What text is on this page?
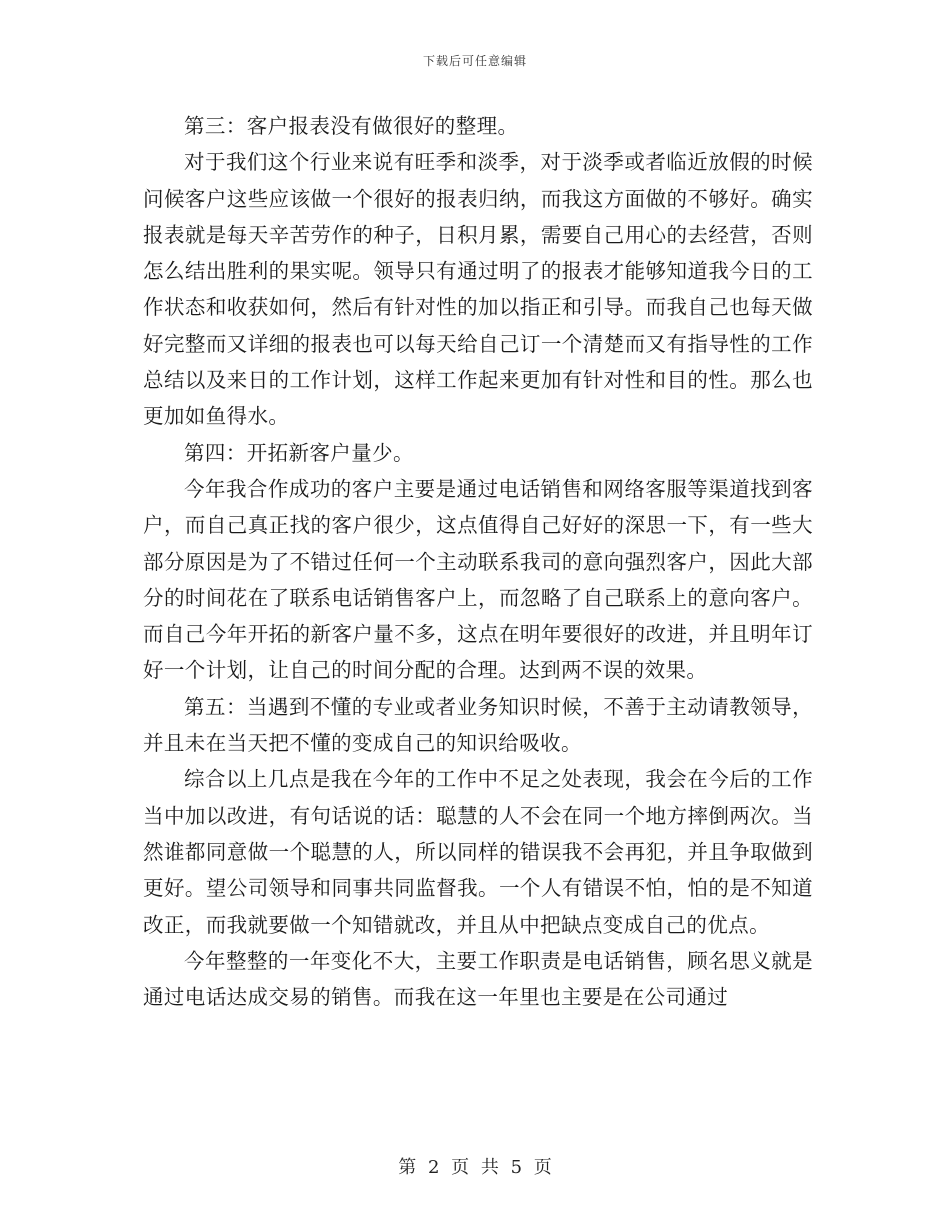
下载后可任意编辑

第三：客户报表没有做很好的整理。

对于我们这个行业来说有旺季和淡季，对于淡季或者临近放假的时候问候客户这些应该做一个很好的报表归纳，而我这方面做的不够好。确实报表就是每天辛苦劳作的种子，日积月累，需要自己用心的去经营，否则怎么结出胜利的果实呢。领导只有通过明了的报表才能够知道我今日的工作状态和收获如何，然后有针对性的加以指正和引导。而我自己也每天做好完整而又详细的报表也可以每天给自己订一个清楚而又有指导性的工作总结以及来日的工作计划，这样工作起来更加有针对性和目的性。那么也更加如鱼得水。

第四：开拓新客户量少。

今年我合作成功的客户主要是通过电话销售和网络客服等渠道找到客户，而自己真正找的客户很少，这点值得自己好好的深思一下，有一些大部分原因是为了不错过任何一个主动联系我司的意向强烈客户，因此大部分的时间花在了联系电话销售客户上，而忽略了自己联系上的意向客户。而自己今年开拓的新客户量不多，这点在明年要很好的改进，并且明年订好一个计划，让自己的时间分配的合理。达到两不误的效果。

第五：当遇到不懂的专业或者业务知识时候，不善于主动请教领导，并且未在当天把不懂的变成自己的知识给吸收。

综合以上几点是我在今年的工作中不足之处表现，我会在今后的工作当中加以改进，有句话说的话：聪慧的人不会在同一个地方摔倒两次。当然谁都同意做一个聪慧的人，所以同样的错误我不会再犯，并且争取做到更好。望公司领导和同事共同监督我。一个人有错误不怕，怕的是不知道改正，而我就要做一个知错就改，并且从中把缺点变成自己的优点。

今年整整的一年变化不大，主要工作职责是电话销售，顾名思义就是通过电话达成交易的销售。而我在这一年里也主要是在公司通过

第 2 页 共 5 页
